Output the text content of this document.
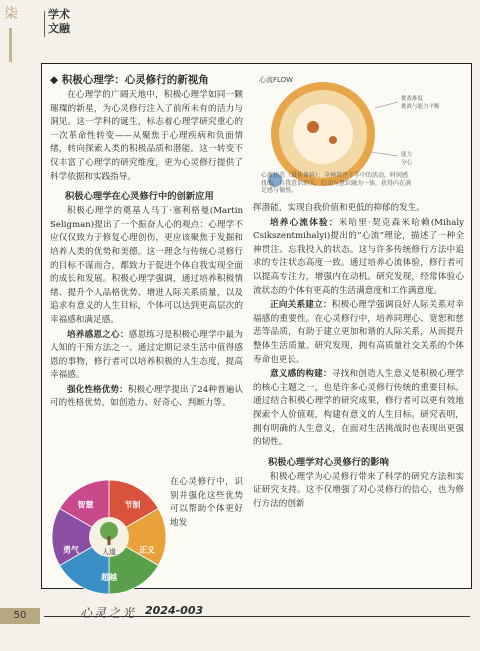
柒	学术
文融
◆ 积极心理学：心灵修行的新视角

在心理学的广阔天地中，积极心理学如同一颗璀璨的新星，为心灵修行注入了前所未有的活力与洞见。这一学科的诞生，标志着心理学研究重心的一次革命性转变——从聚焦于心理疾病和负面情绪，转向探索人类的积极品质和潜能。这一转变不仅丰富了心理学的研究维度，更为心灵修行提供了科学依据和实践指导。

积极心理学在心灵修行中的创新应用

积极心理学的奠基人马丁·塞利格曼(Martin Seligman)提出了一个振奋人心的观点：心理学不应仅仅致力于修复心理创伤，更应该聚焦于发掘和培养人类的优势和美德。这一理念与传统心灵修行的目标不谋而合，都致力于促进个体自我实现全面的成长和发展。积极心理学强调，通过培养积极情绪、提升个人品格优势、增进人际关系质量，以及追求有意义的人生目标，个体可以达到更高层次的幸福感和满足感。

培养感恩之心：感恩练习是积极心理学中最为人知的干预方法之一。通过定期记录生活中值得感恩的事物，修行者可以培养积极的人生态度，提高幸福感。

强化性格优势：积极心理学提出了24种普遍认可的性格优势，如创造力、好奇心、判断力等。

人道
节制
正义
超越
勇气
智慧

在心灵修行中，识别并强化这些优势可以帮助个体更好地发

心流FLOW
挑战难度
挑战与能力平衡
能力
分心
心流状态（最佳体验）：全神贯注于手中的活动，时间感扭曲，自我意识消失，行动与意识融为一体，获得内在满足感与愉悦。

挥潜能，实现自我价值和更低的抑郁的发生。

培养心流体验：米哈里·契克森米哈赖(Mihaly Csikszentmihalyi)提出的“心流”理论，描述了一种全神贯注、忘我投入的状态。这与许多传统修行方法中追求的专注状态高度一致。通过培养心流体验，修行者可以提高专注力，增强内在动机。研究发现，经常体验心流状态的个体有更高的生活满意度和工作满意度。

正向关系建立：积极心理学强调良好人际关系对幸福感的重要性。在心灵修行中，培养同理心、宽恕和慈悲等品质，有助于建立更加和谐的人际关系，从而提升整体生活质量。研究发现，拥有高质量社交关系的个体寿命也更长。

意义感的构建：寻找和创造人生意义是积极心理学的核心主题之一，也是许多心灵修行传统的重要目标。通过结合积极心理学的研究成果，修行者可以更有效地探索个人价值观，构建有意义的人生目标。研究表明，拥有明确的人生意义，在面对生活挑战时也表现出更强的韧性。

积极心理学对心灵修行的影响

积极心理学为心灵修行带来了科学的研究方法和实证研究支持。这不仅增强了对心灵修行的信心，也为修行方法的创新

50	心灵之光 2024-003
